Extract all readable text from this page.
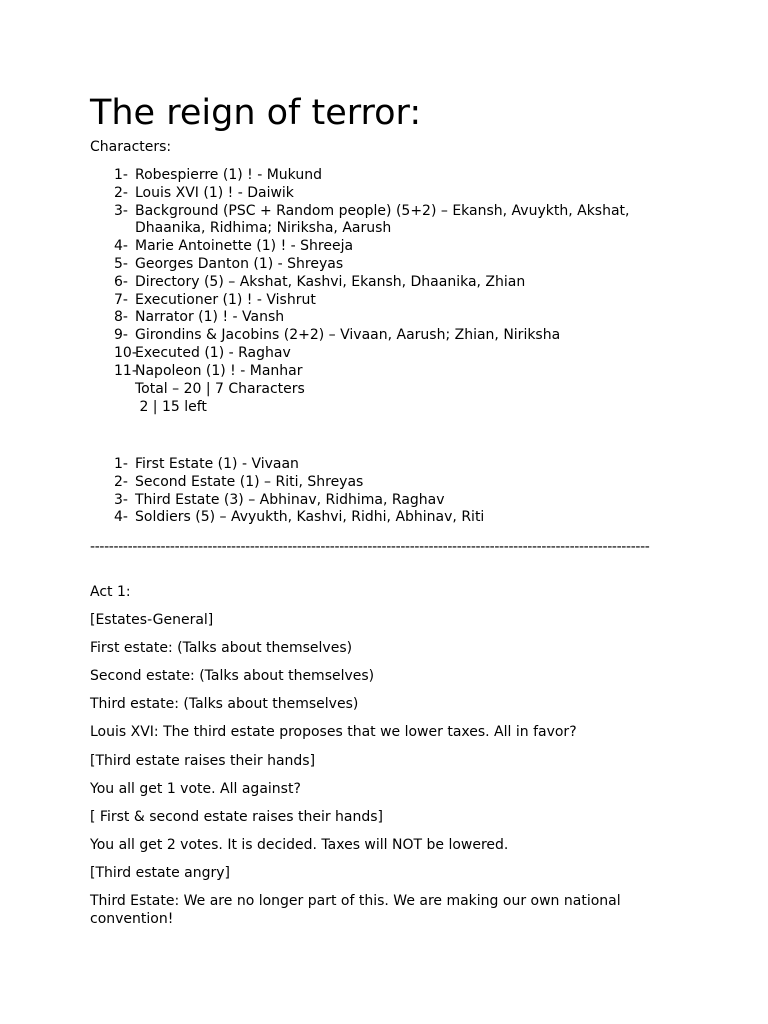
The reign of terror:
Characters:
1- Robespierre (1) ! - Mukund
2- Louis XVI (1) ! - Daiwik
3- Background (PSC + Random people) (5+2) – Ekansh, Avuykth, Akshat, Dhaanika, Ridhima; Niriksha, Aarush
4- Marie Antoinette (1) ! - Shreeja
5- Georges Danton (1) - Shreyas
6- Directory (5) – Akshat, Kashvi, Ekansh, Dhaanika, Zhian
7- Executioner (1) ! - Vishrut
8- Narrator (1) ! - Vansh
9- Girondins & Jacobins (2+2) – Vivaan, Aarush; Zhian, Niriksha
10-
Executed (1) - Raghav
11-
Napoleon (1) ! - Manhar
Total – 20 | 7 Characters
2 | 15 left
1- First Estate (1) - Vivaan
2- Second Estate (1) – Riti, Shreyas
3- Third Estate (3) – Abhinav, Ridhima, Raghav
4- Soldiers (5) – Avyukth, Kashvi, Ridhi, Abhinav, Riti
-----------------------------------------------------------------------------------------------------------------------

Act 1:

[Estates-General]

First estate: (Talks about themselves)

Second estate: (Talks about themselves)

Third estate: (Talks about themselves)

Louis XVI: The third estate proposes that we lower taxes. All in favor?

[Third estate raises their hands]

You all get 1 vote. All against?

[ First & second estate raises their hands]

You all get 2 votes. It is decided. Taxes will NOT be lowered.

[Third estate angry]

Third Estate: We are no longer part of this. We are making our own national convention!
